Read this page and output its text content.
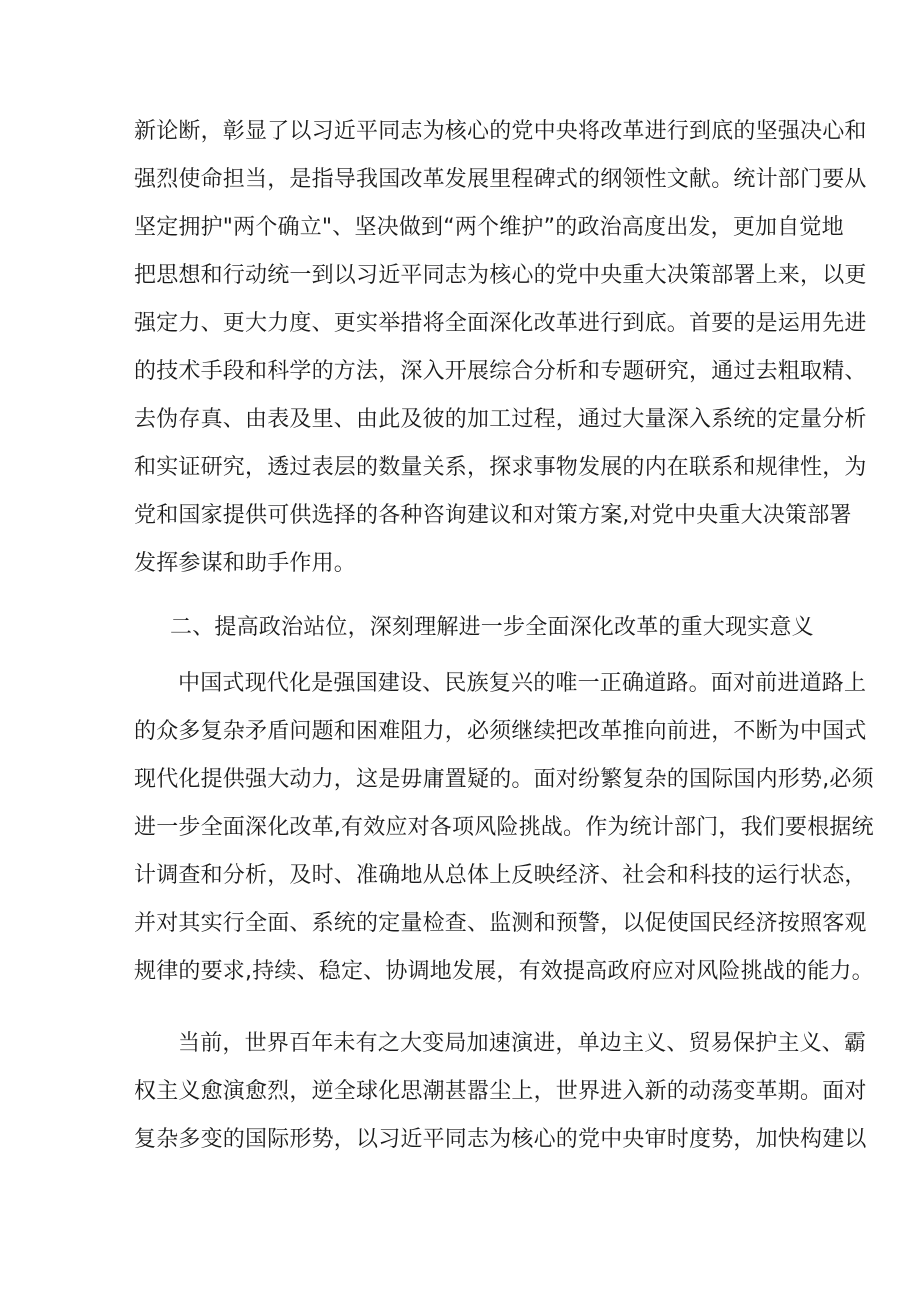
新论断，彰显了以习近平同志为核心的党中央将改革进行到底的坚强决心和
强烈使命担当，是指导我国改革发展里程碑式的纲领性文献。统计部门要从
坚定拥护"两个确立"、坚决做到“两个维护”的政治高度出发，更加自觉地
把思想和行动统一到以习近平同志为核心的党中央重大决策部署上来，以更
强定力、更大力度、更实举措将全面深化改革进行到底。首要的是运用先进
的技术手段和科学的方法，深入开展综合分析和专题研究，通过去粗取精、
去伪存真、由表及里、由此及彼的加工过程，通过大量深入系统的定量分析
和实证研究，透过表层的数量关系，探求事物发展的内在联系和规律性，为
党和国家提供可供选择的各种咨询建议和对策方案,对党中央重大决策部署
发挥参谋和助手作用。
二、提高政治站位，深刻理解进一步全面深化改革的重大现实意义
中国式现代化是强国建设、民族复兴的唯一正确道路。面对前进道路上
的众多复杂矛盾问题和困难阻力，必须继续把改革推向前进，不断为中国式
现代化提供强大动力，这是毋庸置疑的。面对纷繁复杂的国际国内形势,必须
进一步全面深化改革,有效应对各项风险挑战。作为统计部门，我们要根据统
计调查和分析，及时、准确地从总体上反映经济、社会和科技的运行状态，
并对其实行全面、系统的定量检查、监测和预警，以促使国民经济按照客观
规律的要求,持续、稳定、协调地发展，有效提高政府应对风险挑战的能力。
当前，世界百年未有之大变局加速演进，单边主义、贸易保护主义、霸
权主义愈演愈烈，逆全球化思潮甚嚣尘上，世界进入新的动荡变革期。面对
复杂多变的国际形势，以习近平同志为核心的党中央审时度势，加快构建以
